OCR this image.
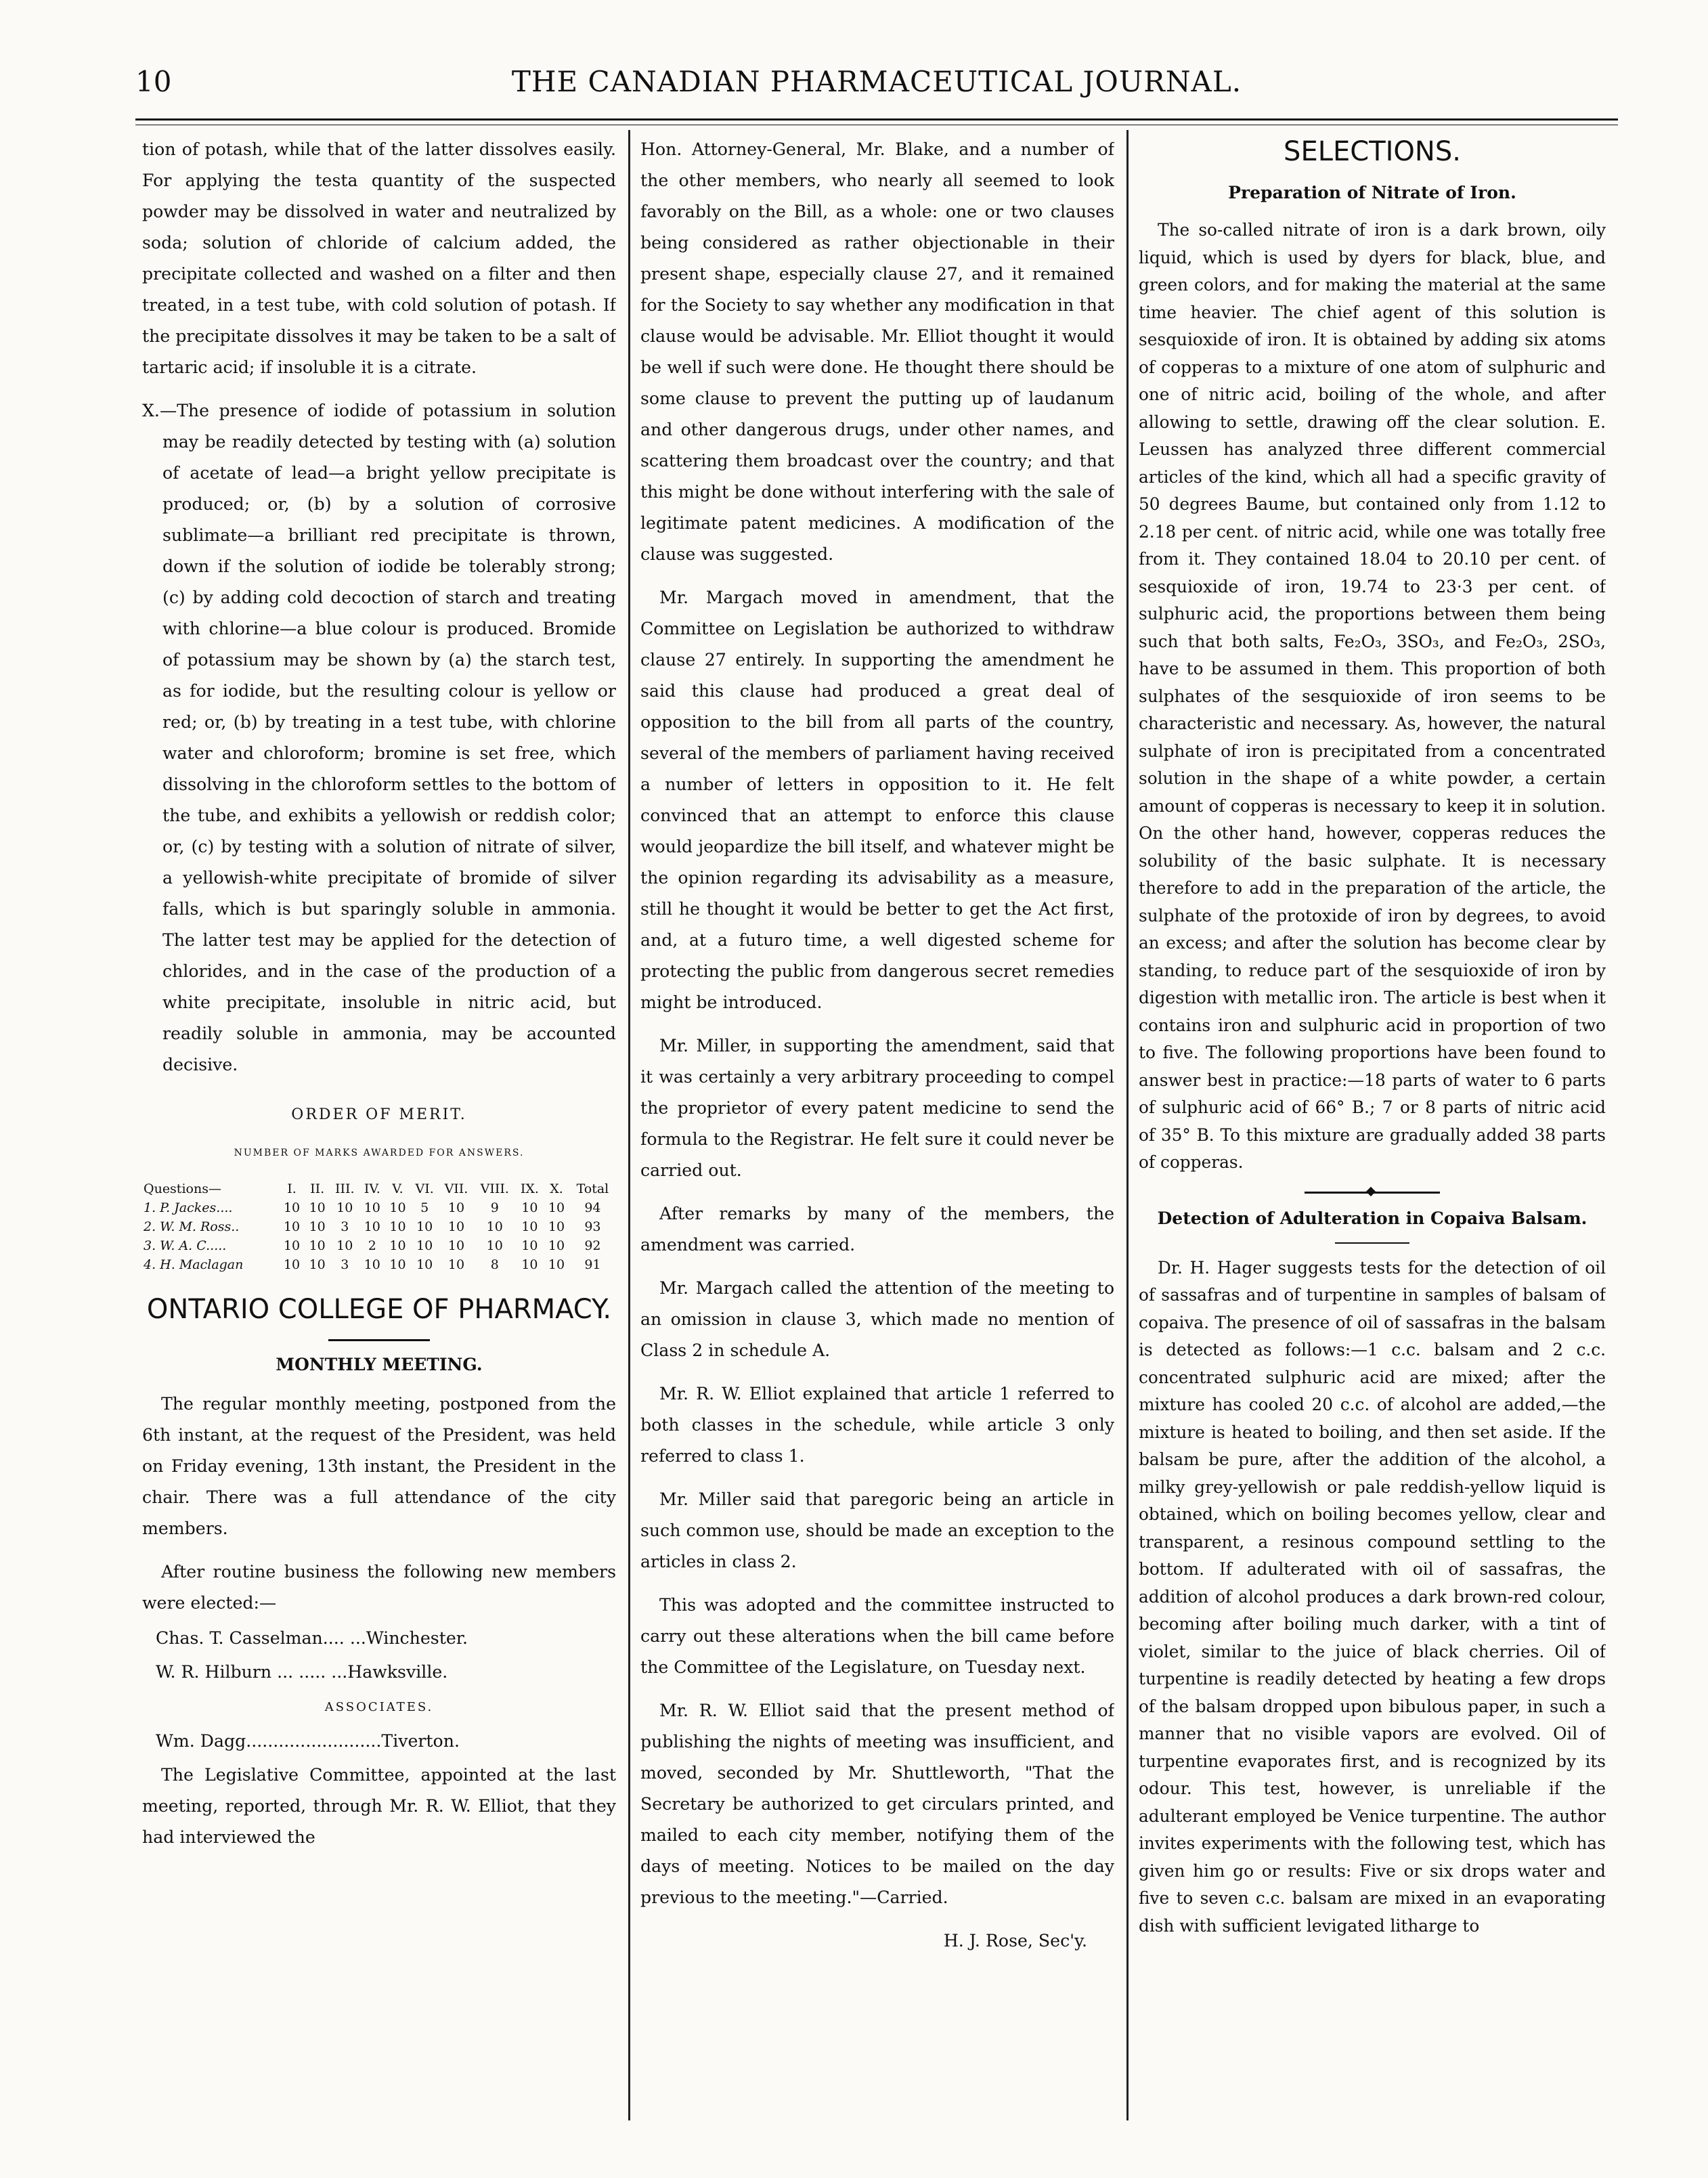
10	THE CANADIAN PHARMACEUTICAL JOURNAL.

tion of potash, while that of the latter dissolves easily. For applying the testa quantity of the suspected powder may be dissolved in water and neutralized by soda; solution of chloride of calcium added, the precipitate collected and washed on a filter and then treated, in a test tube, with cold solution of potash. If the precipitate dissolves it may be taken to be a salt of tartaric acid; if insoluble it is a citrate.

X.—The presence of iodide of potassium in solution may be readily detected by testing with (a) solution of acetate of lead—a bright yellow precipitate is produced; or, (b) by a solution of corrosive sublimate—a brilliant red precipitate is thrown, down if the solution of iodide be tolerably strong; (c) by adding cold decoction of starch and treating with chlorine—a blue colour is produced. Bromide of potassium may be shown by (a) the starch test, as for iodide, but the resulting colour is yellow or red; or, (b) by treating in a test tube, with chlorine water and chloroform; bromine is set free, which dissolving in the chloroform settles to the bottom of the tube, and exhibits a yellowish or reddish color; or, (c) by testing with a solution of nitrate of silver, a yellowish-white precipitate of bromide of silver falls, which is but sparingly soluble in ammonia. The latter test may be applied for the detection of chlorides, and in the case of the production of a white precipitate, insoluble in nitric acid, but readily soluble in ammonia, may be accounted decisive.

ORDER OF MERIT.
NUMBER OF MARKS AWARDED FOR ANSWERS.
Questions—	I.	II.	III.	IV.	V.	VI.	VII.	VIII.	IX.	X.	Total
1. P. Jackes....	10	10	10	10	10	5	10	9	10	10	94
2. W. M. Ross..	10	10	3	10	10	10	10	10	10	10	93
3. W. A. C.....	10	10	10	2	10	10	10	10	10	10	92
4. H. Maclagan	10	10	3	10	10	10	10	8	10	10	91
ONTARIO COLLEGE OF PHARMACY.
MONTHLY MEETING.

The regular monthly meeting, postponed from the 6th instant, at the request of the President, was held on Friday evening, 13th instant, the President in the chair. There was a full attendance of the city members.

After routine business the following new members were elected:—

Chas. T. Casselman.... ...Winchester.
W. R. Hilburn ... ..... ...Hawksville.
ASSOCIATES.
Wm. Dagg......................... Tiverton.

The Legislative Committee, appointed at the last meeting, reported, through Mr. R. W. Elliot, that they had interviewed the

Hon. Attorney-General, Mr. Blake, and a number of the other members, who nearly all seemed to look favorably on the Bill, as a whole: one or two clauses being considered as rather objectionable in their present shape, especially clause 27, and it remained for the Society to say whether any modification in that clause would be advisable. Mr. Elliot thought it would be well if such were done. He thought there should be some clause to prevent the putting up of laudanum and other dangerous drugs, under other names, and scattering them broadcast over the country; and that this might be done without interfering with the sale of legitimate patent medicines. A modification of the clause was suggested.

Mr. Margach moved in amendment, that the Committee on Legislation be authorized to withdraw clause 27 entirely. In supporting the amendment he said this clause had produced a great deal of opposition to the bill from all parts of the country, several of the members of parliament having received a number of letters in opposition to it. He felt convinced that an attempt to enforce this clause would jeopardize the bill itself, and whatever might be the opinion regarding its advisability as a measure, still he thought it would be better to get the Act first, and, at a futuro time, a well digested scheme for protecting the public from dangerous secret remedies might be introduced.

Mr. Miller, in supporting the amendment, said that it was certainly a very arbitrary proceeding to compel the proprietor of every patent medicine to send the formula to the Registrar. He felt sure it could never be carried out.

After remarks by many of the members, the amendment was carried.

Mr. Margach called the attention of the meeting to an omission in clause 3, which made no mention of Class 2 in schedule A.

Mr. R. W. Elliot explained that article 1 referred to both classes in the schedule, while article 3 only referred to class 1.

Mr. Miller said that paregoric being an article in such common use, should be made an exception to the articles in class 2.

This was adopted and the committee instructed to carry out these alterations when the bill came before the Committee of the Legislature, on Tuesday next.

Mr. R. W. Elliot said that the present method of publishing the nights of meeting was insufficient, and moved, seconded by Mr. Shuttleworth, "That the Secretary be authorized to get circulars printed, and mailed to each city member, notifying them of the days of meeting. Notices to be mailed on the day previous to the meeting."—Carried.

H. J. Rose, Sec'y.

SELECTIONS.
Preparation of Nitrate of Iron.

The so-called nitrate of iron is a dark brown, oily liquid, which is used by dyers for black, blue, and green colors, and for making the material at the same time heavier. The chief agent of this solution is sesquioxide of iron. It is obtained by adding six atoms of copperas to a mixture of one atom of sulphuric and one of nitric acid, boiling of the whole, and after allowing to settle, drawing off the clear solution. E. Leussen has analyzed three different commercial articles of the kind, which all had a specific gravity of 50 degrees Baume, but contained only from 1.12 to 2.18 per cent. of nitric acid, while one was totally free from it. They contained 18.04 to 20.10 per cent. of sesquioxide of iron, 19.74 to 23·3 per cent. of sulphuric acid, the proportions between them being such that both salts, Fe₂O₃, 3SO₃, and Fe₂O₃, 2SO₃, have to be assumed in them. This proportion of both sulphates of the sesquioxide of iron seems to be characteristic and necessary. As, however, the natural sulphate of iron is precipitated from a concentrated solution in the shape of a white powder, a certain amount of copperas is necessary to keep it in solution. On the other hand, however, copperas reduces the solubility of the basic sulphate. It is necessary therefore to add in the preparation of the article, the sulphate of the protoxide of iron by degrees, to avoid an excess; and after the solution has become clear by standing, to reduce part of the sesquioxide of iron by digestion with metallic iron. The article is best when it contains iron and sulphuric acid in proportion of two to five. The following proportions have been found to answer best in practice:—18 parts of water to 6 parts of sulphuric acid of 66° B.; 7 or 8 parts of nitric acid of 35° B. To this mixture are gradually added 38 parts of copperas.

Detection of Adulteration in Copaiva Balsam.

Dr. H. Hager suggests tests for the detection of oil of sassafras and of turpentine in samples of balsam of copaiva. The presence of oil of sassafras in the balsam is detected as follows:—1 c.c. balsam and 2 c.c. concentrated sulphuric acid are mixed; after the mixture has cooled 20 c.c. of alcohol are added,—the mixture is heated to boiling, and then set aside. If the balsam be pure, after the addition of the alcohol, a milky grey-yellowish or pale reddish-yellow liquid is obtained, which on boiling becomes yellow, clear and transparent, a resinous compound settling to the bottom. If adulterated with oil of sassafras, the addition of alcohol produces a dark brown-red colour, becoming after boiling much darker, with a tint of violet, similar to the juice of black cherries. Oil of turpentine is readily detected by heating a few drops of the balsam dropped upon bibulous paper, in such a manner that no visible vapors are evolved. Oil of turpentine evaporates first, and is recognized by its odour. This test, however, is unreliable if the adulterant employed be Venice turpentine. The author invites experiments with the following test, which has given him go or results: Five or six drops water and five to seven c.c. balsam are mixed in an evaporating dish with sufficient levigated litharge to
